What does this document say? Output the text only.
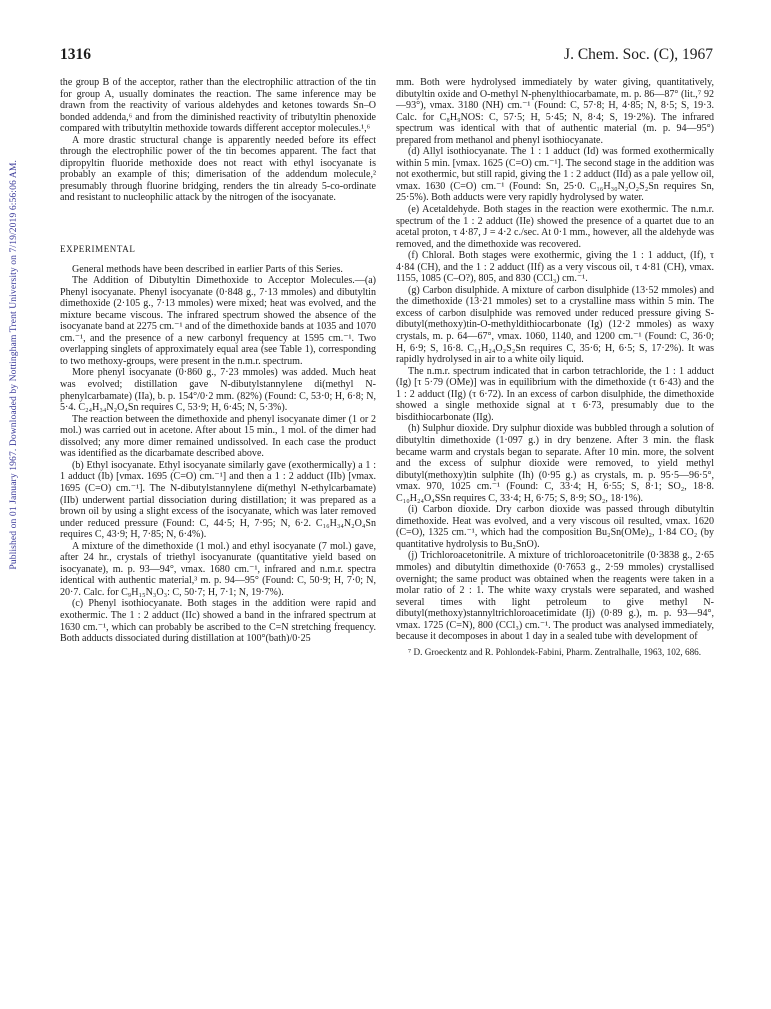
Published on 01 January 1967. Downloaded by Nottingham Trent University on 7/19/2019 6:56:06 AM.
1316	J. Chem. Soc. (C), 1967

the group B of the acceptor, rather than the electrophilic attraction of the tin for group A, usually dominates the reaction. The same inference may be drawn from the reactivity of various aldehydes and ketones towards Sn–O bonded addenda,⁶ and from the diminished reactivity of tributyltin phenoxide compared with tributyltin methoxide towards different acceptor molecules.¹,⁶

A more drastic structural change is apparently needed before its effect through the electrophilic power of the tin becomes apparent. The fact that dipropyltin fluoride methoxide does not react with ethyl isocyanate is probably an example of this; dimerisation of the addendum molecule,² presumably through fluorine bridging, renders the tin already 5-co-ordinate and resistant to nucleophilic attack by the nitrogen of the isocyanate.

EXPERIMENTAL

General methods have been described in earlier Parts of this Series.

The Addition of Dibutyltin Dimethoxide to Acceptor Molecules.—(a) Phenyl isocyanate. Phenyl isocyanate (0·848 g., 7·13 mmoles) and dibutyltin dimethoxide (2·105 g., 7·13 mmoles) were mixed; heat was evolved, and the mixture became viscous. The infrared spectrum showed the absence of the isocyanate band at 2275 cm.⁻¹ and of the dimethoxide bands at 1035 and 1070 cm.⁻¹, and the presence of a new carbonyl frequency at 1595 cm.⁻¹. Two overlapping singlets of approximately equal area (see Table 1), corresponding to two methoxy-groups, were present in the n.m.r. spectrum.

More phenyl isocyanate (0·860 g., 7·23 mmoles) was added. Much heat was evolved; distillation gave N-dibutylstannylene di(methyl N-phenylcarbamate) (IIa), b. p. 154°/0·2 mm. (82%) (Found: C, 53·0; H, 6·8; N, 5·4. C₂₄H₃₄N₂O₄Sn requires C, 53·9; H, 6·45; N, 5·3%).

The reaction between the dimethoxide and phenyl isocyanate dimer (1 or 2 mol.) was carried out in acetone. After about 15 min., 1 mol. of the dimer had dissolved; any more dimer remained undissolved. In each case the product was identified as the dicarbamate described above.

(b) Ethyl isocyanate. Ethyl isocyanate similarly gave (exothermically) a 1 : 1 adduct (Ib) [νmax. 1695 (C=O) cm.⁻¹] and then a 1 : 2 adduct (IIb) [νmax. 1695 (C=O) cm.⁻¹]. The N-dibutylstannylene di(methyl N-ethylcarbamate) (IIb) underwent partial dissociation during distillation; it was prepared as a brown oil by using a slight excess of the isocyanate, which was later removed under reduced pressure (Found: C, 44·5; H, 7·95; N, 6·2. C₁₆H₃₄N₂O₄Sn requires C, 43·9; H, 7·85; N, 6·4%).

A mixture of the dimethoxide (1 mol.) and ethyl isocyanate (7 mol.) gave, after 24 hr., crystals of triethyl isocyanurate (quantitative yield based on isocyanate), m. p. 93—94°, νmax. 1680 cm.⁻¹, infrared and n.m.r. spectra identical with authentic material,³ m. p. 94—95° (Found: C, 50·9; H, 7·0; N, 20·7. Calc. for C₉H₁₅N₃O₃: C, 50·7; H, 7·1; N, 19·7%).

(c) Phenyl isothiocyanate. Both stages in the addition were rapid and exothermic. The 1 : 2 adduct (IIc) showed a band in the infrared spectrum at 1630 cm.⁻¹, which can probably be ascribed to the C=N stretching frequency. Both adducts dissociated during distillation at 100°(bath)/0·25

mm. Both were hydrolysed immediately by water giving, quantitatively, dibutyltin oxide and O-methyl N-phenylthiocarbamate, m. p. 86—87° (lit.,⁷ 92—93°), νmax. 3180 (NH) cm.⁻¹ (Found: C, 57·8; H, 4·85; N, 8·5; S, 19·3. Calc. for C₈H₉NOS: C, 57·5; H, 5·45; N, 8·4; S, 19·2%). The infrared spectrum was identical with that of authentic material (m. p. 94—95°) prepared from methanol and phenyl isothiocyanate.

(d) Allyl isothiocyanate. The 1 : 1 adduct (Id) was formed exothermically within 5 min. [νmax. 1625 (C=O) cm.⁻¹]. The second stage in the addition was not exothermic, but still rapid, giving the 1 : 2 adduct (IId) as a pale yellow oil, νmax. 1630 (C=O) cm.⁻¹ (Found: Sn, 25·0. C₁₆H₃₀N₂O₂S₂Sn requires Sn, 25·5%). Both adducts were very rapidly hydrolysed by water.

(e) Acetaldehyde. Both stages in the reaction were exothermic. The n.m.r. spectrum of the 1 : 2 adduct (IIe) showed the presence of a quartet due to an acetal proton, τ 4·87, J = 4·2 c./sec. At 0·1 mm., however, all the aldehyde was removed, and the dimethoxide was recovered.

(f) Chloral. Both stages were exothermic, giving the 1 : 1 adduct, (If), τ 4·84 (CH), and the 1 : 2 adduct (IIf) as a very viscous oil, τ 4·81 (CH), νmax. 1155, 1085 (C–O?), 805, and 830 (CCl₃) cm.⁻¹.

(g) Carbon disulphide. A mixture of carbon disulphide (13·52 mmoles) and the dimethoxide (13·21 mmoles) set to a crystalline mass within 5 min. The excess of carbon disulphide was removed under reduced pressure giving S-dibutyl(methoxy)tin-O-methyldithiocarbonate (Ig) (12·2 mmoles) as waxy crystals, m. p. 64—67°, νmax. 1060, 1140, and 1200 cm.⁻¹ (Found: C, 36·0; H, 6·9; S, 16·8. C₁₁H₂₄O₂S₂Sn requires C, 35·6; H, 6·5; S, 17·2%). It was rapidly hydrolysed in air to a white oily liquid.

The n.m.r. spectrum indicated that in carbon tetrachloride, the 1 : 1 adduct (Ig) [τ 5·79 (OMe)] was in equilibrium with the dimethoxide (τ 6·43) and the 1 : 2 adduct (IIg) (τ 6·72). In an excess of carbon disulphide, the dimethoxide showed a single methoxide signal at τ 6·73, presumably due to the bisdithiocarbonate (IIg).

(h) Sulphur dioxide. Dry sulphur dioxide was bubbled through a solution of dibutyltin dimethoxide (1·097 g.) in dry benzene. After 3 min. the flask became warm and crystals began to separate. After 10 min. more, the solvent and the excess of sulphur dioxide were removed, to yield methyl dibutyl(methoxy)tin sulphite (Ih) (0·95 g.) as crystals, m. p. 95·5—96·5°, νmax. 970, 1025 cm.⁻¹ (Found: C, 33·4; H, 6·55; S, 8·1; SO₂, 18·8. C₁₀H₂₄O₄SSn requires C, 33·4; H, 6·75; S, 8·9; SO₂, 18·1%).

(i) Carbon dioxide. Dry carbon dioxide was passed through dibutyltin dimethoxide. Heat was evolved, and a very viscous oil resulted, νmax. 1620 (C=O), 1325 cm.⁻¹, which had the composition Bu₂Sn(OMe)₂, 1·84 CO₂ (by quantitative hydrolysis to Bu₂SnO).

(j) Trichloroacetonitrile. A mixture of trichloroacetonitrile (0·3838 g., 2·65 mmoles) and dibutyltin dimethoxide (0·7653 g., 2·59 mmoles) crystallised overnight; the same product was obtained when the reagents were taken in a molar ratio of 2 : 1. The white waxy crystals were separated, and washed several times with light petroleum to give methyl N-dibutyl(methoxy)stannyltrichloroacetimidate (Ij) (0·89 g.), m. p. 93—94°, νmax. 1725 (C=N), 800 (CCl₃) cm.⁻¹. The product was analysed immediately, because it decomposes in about 1 day in a sealed tube with development of

⁷ D. Groeckentz and R. Pohlondek-Fabini, Pharm. Zentralhalle, 1963, 102, 686.
